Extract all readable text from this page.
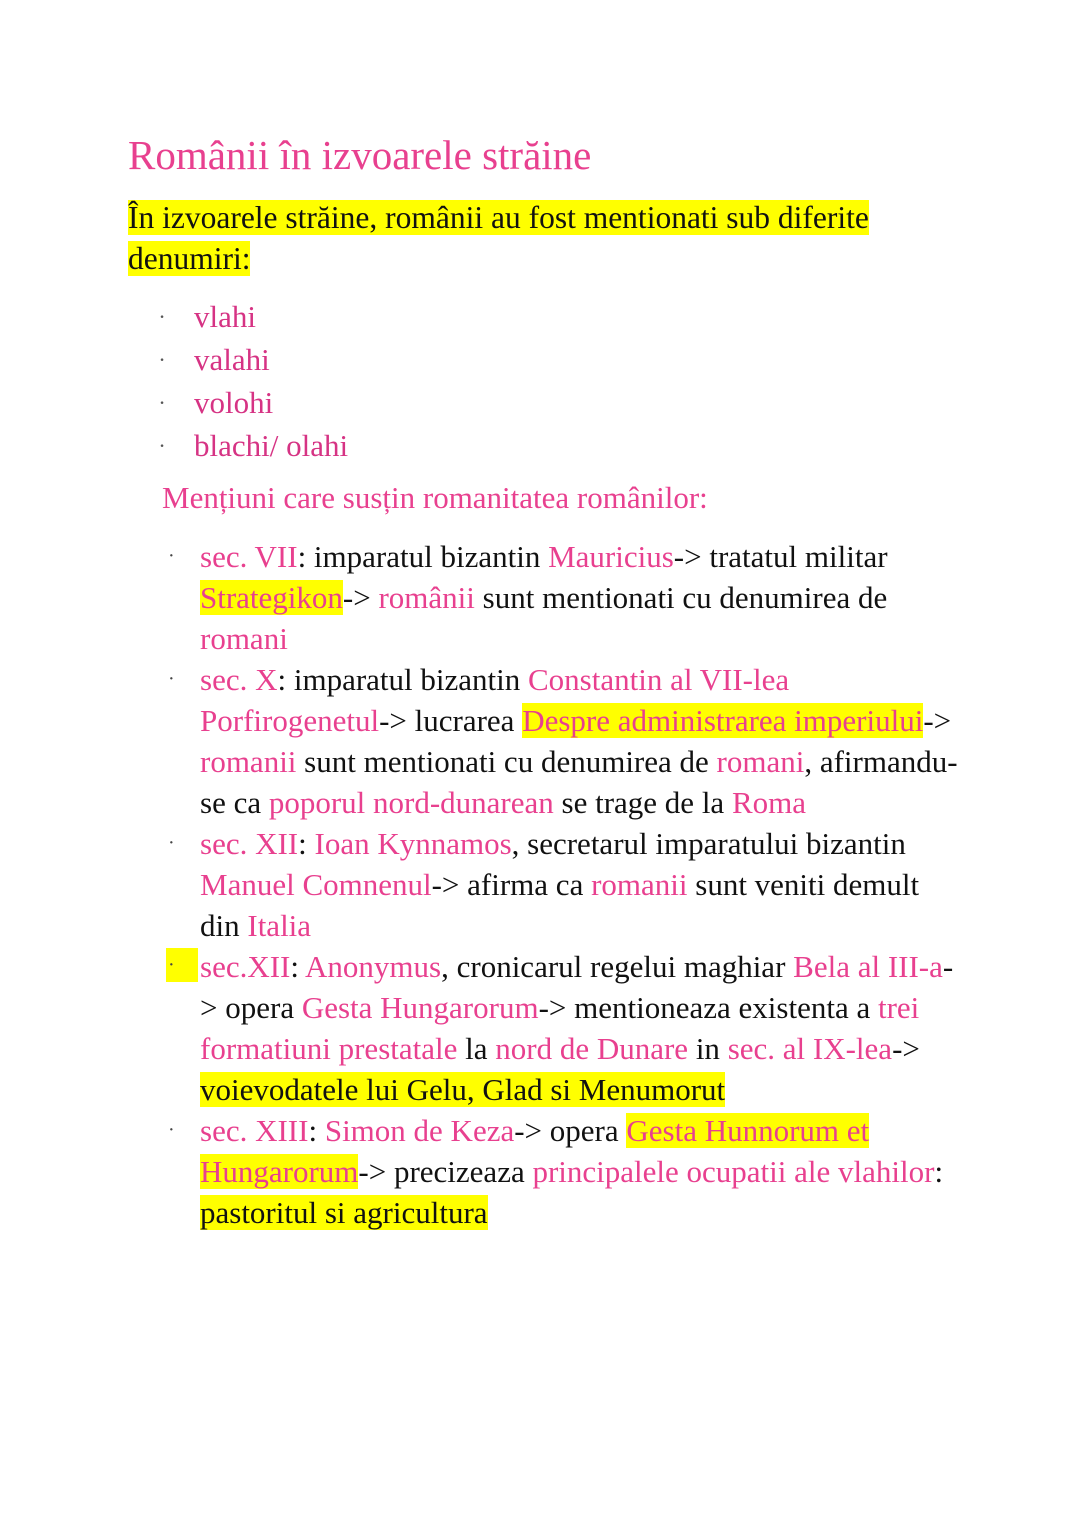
Românii în izvoarele străine

În izvoarele străine, românii au fost mentionati sub diferite denumiri:

· vlahi
· valahi
· volohi
· blachi/ olahi

Mențiuni care susțin romanitatea românilor:

· sec. VII: imparatul bizantin Mauricius-> tratatul militar Strategikon-> românii sunt mentionati cu denumirea de romani
· sec. X: imparatul bizantin Constantin al VII-lea Porfirogenetul-> lucrarea Despre administrarea imperiului-> romanii sunt mentionati cu denumirea de romani, afirmandu-se ca poporul nord-dunarean se trage de la Roma
· sec. XII: Ioan Kynnamos, secretarul imparatului bizantin Manuel Comnenul-> afirma ca romanii sunt veniti demult din Italia
· sec.XII: Anonymus, cronicarul regelui maghiar Bela al III-a-> opera Gesta Hungarorum-> mentioneaza existenta a trei formatiuni prestatale la nord de Dunare in sec. al IX-lea-> voievodatele lui Gelu, Glad si Menumorut
· sec. XIII: Simon de Keza-> opera Gesta Hunnorum et Hungarorum-> precizeaza principalele ocupatii ale vlahilor: pastoritul si agricultura
